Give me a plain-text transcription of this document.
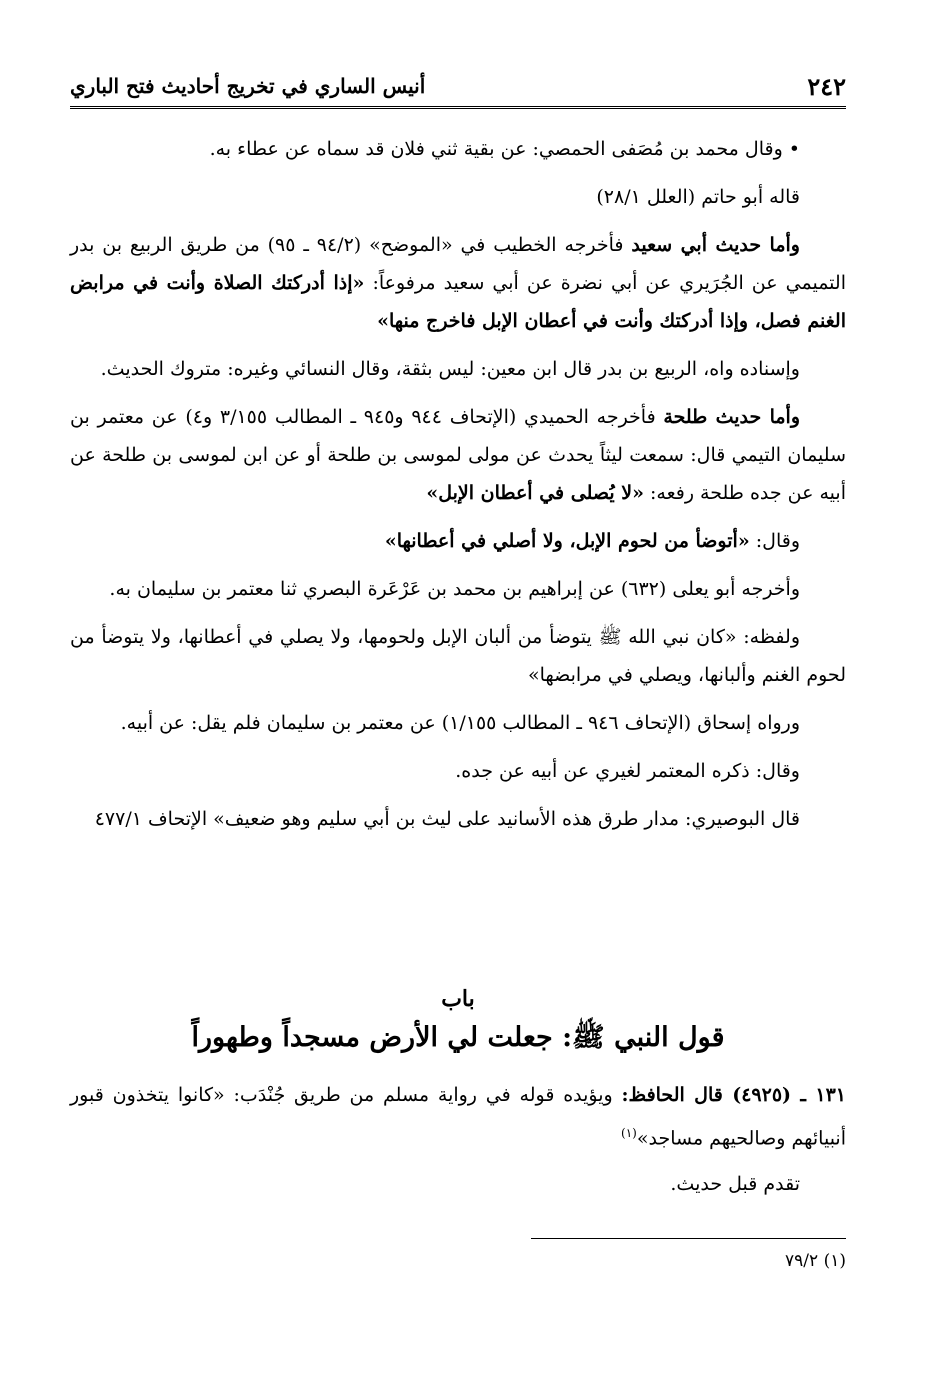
٢٤٢
أنيس الساري في تخريج أحاديث فتح الباري

• وقال محمد بن مُصَفى الحمصي: عن بقية ثني فلان قد سماه عن عطاء به.

قاله أبو حاتم (العلل ٢٨/١)

وأما حديث أبي سعيد فأخرجه الخطيب في «الموضح» (٩٤/٢ ـ ٩٥) من طريق الربيع بن بدر التميمي عن الجُرَيري عن أبي نضرة عن أبي سعيد مرفوعاً: «إذا أدركتك الصلاة وأنت في مرابض الغنم فصل، وإذا أدركتك وأنت في أعطان الإبل فاخرج منها»

وإسناده واه، الربيع بن بدر قال ابن معين: ليس بثقة، وقال النسائي وغيره: متروك الحديث.

وأما حديث طلحة فأخرجه الحميدي (الإتحاف ٩٤٤ و٩٤٥ ـ المطالب ٣/١٥٥ و٤) عن معتمر بن سليمان التيمي قال: سمعت ليثاً يحدث عن مولى لموسى بن طلحة أو عن ابن لموسى بن طلحة عن أبيه عن جده طلحة رفعه: «لا يُصلى في أعطان الإبل»

وقال: «أتوضأ من لحوم الإبل، ولا أصلي في أعطانها»

وأخرجه أبو يعلى (٦٣٢) عن إبراهيم بن محمد بن عَرْعَرة البصري ثنا معتمر بن سليمان به.

ولفظه: «كان نبي الله ﷺ يتوضأ من ألبان الإبل ولحومها، ولا يصلي في أعطانها، ولا يتوضأ من لحوم الغنم وألبانها، ويصلي في مرابضها»

ورواه إسحاق (الإتحاف ٩٤٦ ـ المطالب ١/١٥٥) عن معتمر بن سليمان فلم يقل: عن أبيه.

وقال: ذكره المعتمر لغيري عن أبيه عن جده.

قال البوصيري: مدار طرق هذه الأسانيد على ليث بن أبي سليم وهو ضعيف» الإتحاف ٤٧٧/١

باب
قول النبي ﷺ: جعلت لي الأرض مسجداً وطهوراً

١٣١ ـ (٤٩٢٥) قال الحافظ: ويؤيده قوله في رواية مسلم من طريق جُنْدَب: «كانوا يتخذون قبور أنبيائهم وصالحيهم مساجد»$^{(١)}$

تقدم قبل حديث.

(١) ٧٩/٢
